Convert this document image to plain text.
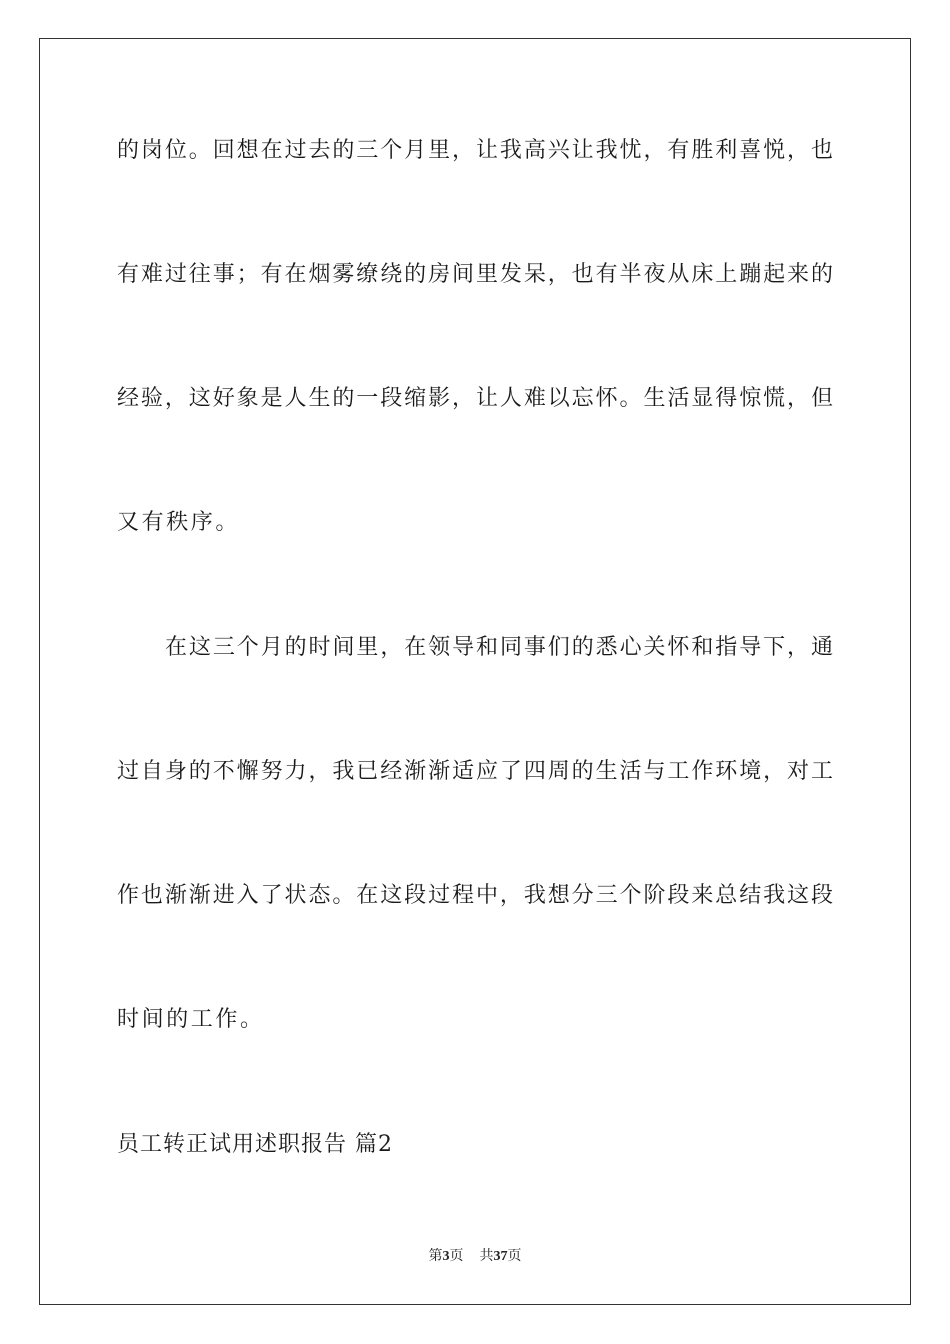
的岗位。回想在过去的三个月里，让我高兴让我忧，有胜利喜悦，也
有难过往事；有在烟雾缭绕的房间里发呆，也有半夜从床上蹦起来的
经验，这好象是人生的一段缩影，让人难以忘怀。生活显得惊慌，但
又有秩序。
在这三个月的时间里，在领导和同事们的悉心关怀和指导下，通
过自身的不懈努力，我已经渐渐适应了四周的生活与工作环境，对工
作也渐渐进入了状态。在这段过程中，我想分三个阶段来总结我这段
时间的工作。
员工转正试用述职报告 篇2
第3页 共37页
